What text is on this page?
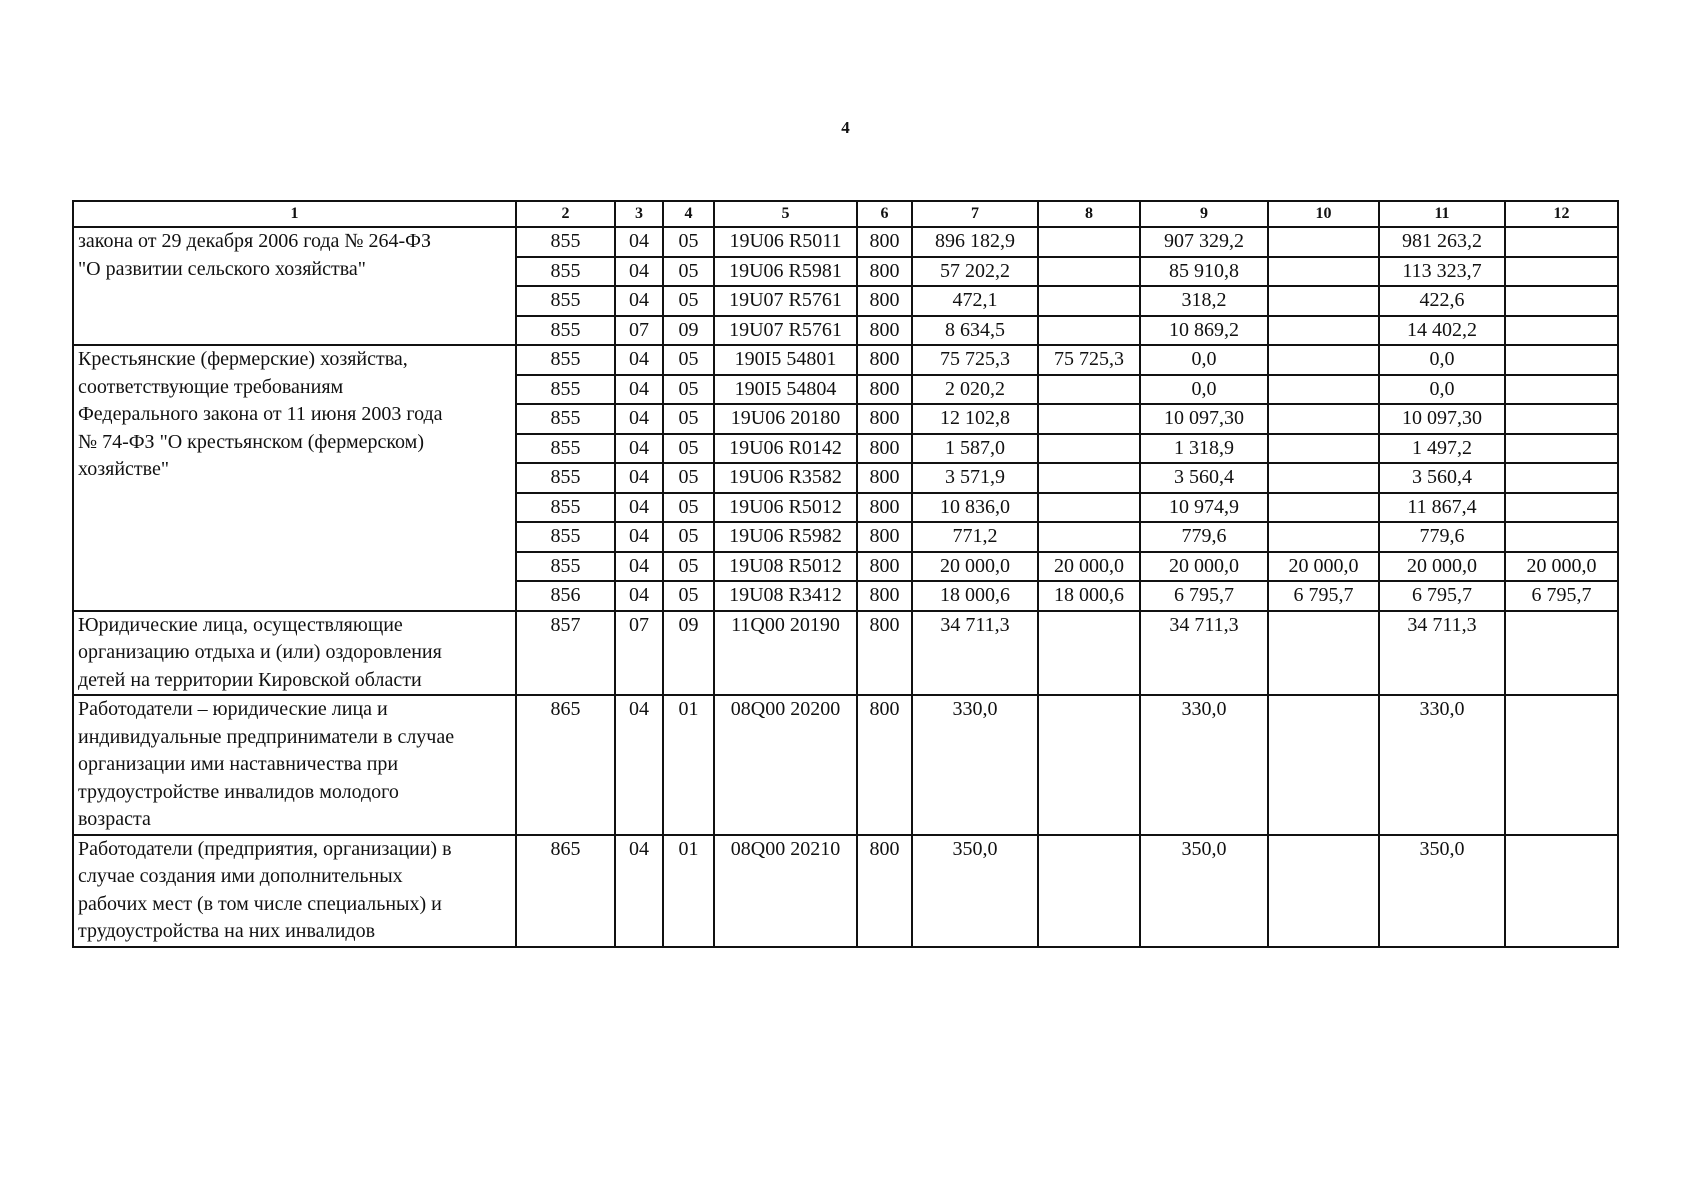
4
1	2	3	4	5	6	7	8	9	10	11	12

закона от 29 декабря 2006 года № 264-ФЗ
"О развитии сельского хозяйства"	855	04	05	19U06 R5011	800	896 182,9		907 329,2		981 263,2	
	855	04	05	19U06 R5981	800	57 202,2		85 910,8		113 323,7	
	855	04	05	19U07 R5761	800	472,1		318,2		422,6	
	855	07	09	19U07 R5761	800	8 634,5		10 869,2		14 402,2	

Крестьянские (фермерские) хозяйства,
соответствующие требованиям
Федерального закона от 11 июня 2003 года
№ 74-ФЗ "О крестьянском (фермерском)
хозяйстве"	855	04	05	190I5 54801	800	75 725,3	75 725,3	0,0		0,0	
	855	04	05	190I5 54804	800	2 020,2		0,0		0,0	
	855	04	05	19U06 20180	800	12 102,8		10 097,30		10 097,30	
	855	04	05	19U06 R0142	800	1 587,0		1 318,9		1 497,2	
	855	04	05	19U06 R3582	800	3 571,9		3 560,4		3 560,4	
	855	04	05	19U06 R5012	800	10 836,0		10 974,9		11 867,4	
	855	04	05	19U06 R5982	800	771,2		779,6		779,6	
	855	04	05	19U08 R5012	800	20 000,0	20 000,0	20 000,0	20 000,0	20 000,0	20 000,0
	856	04	05	19U08 R3412	800	18 000,6	18 000,6	6 795,7	6 795,7	6 795,7	6 795,7

Юридические лица, осуществляющие
организацию отдыха и (или) оздоровления
детей на территории Кировской области	857	07	09	11Q00 20190	800	34 711,3		34 711,3		34 711,3	

Работодатели – юридические лица и
индивидуальные предприниматели в случае
организации ими наставничества при
трудоустройстве инвалидов молодого
возраста	865	04	01	08Q00 20200	800	330,0		330,0		330,0	

Работодатели (предприятия, организации) в
случае создания ими дополнительных
рабочих мест (в том числе специальных) и
трудоустройства на них инвалидов	865	04	01	08Q00 20210	800	350,0		350,0		350,0	
